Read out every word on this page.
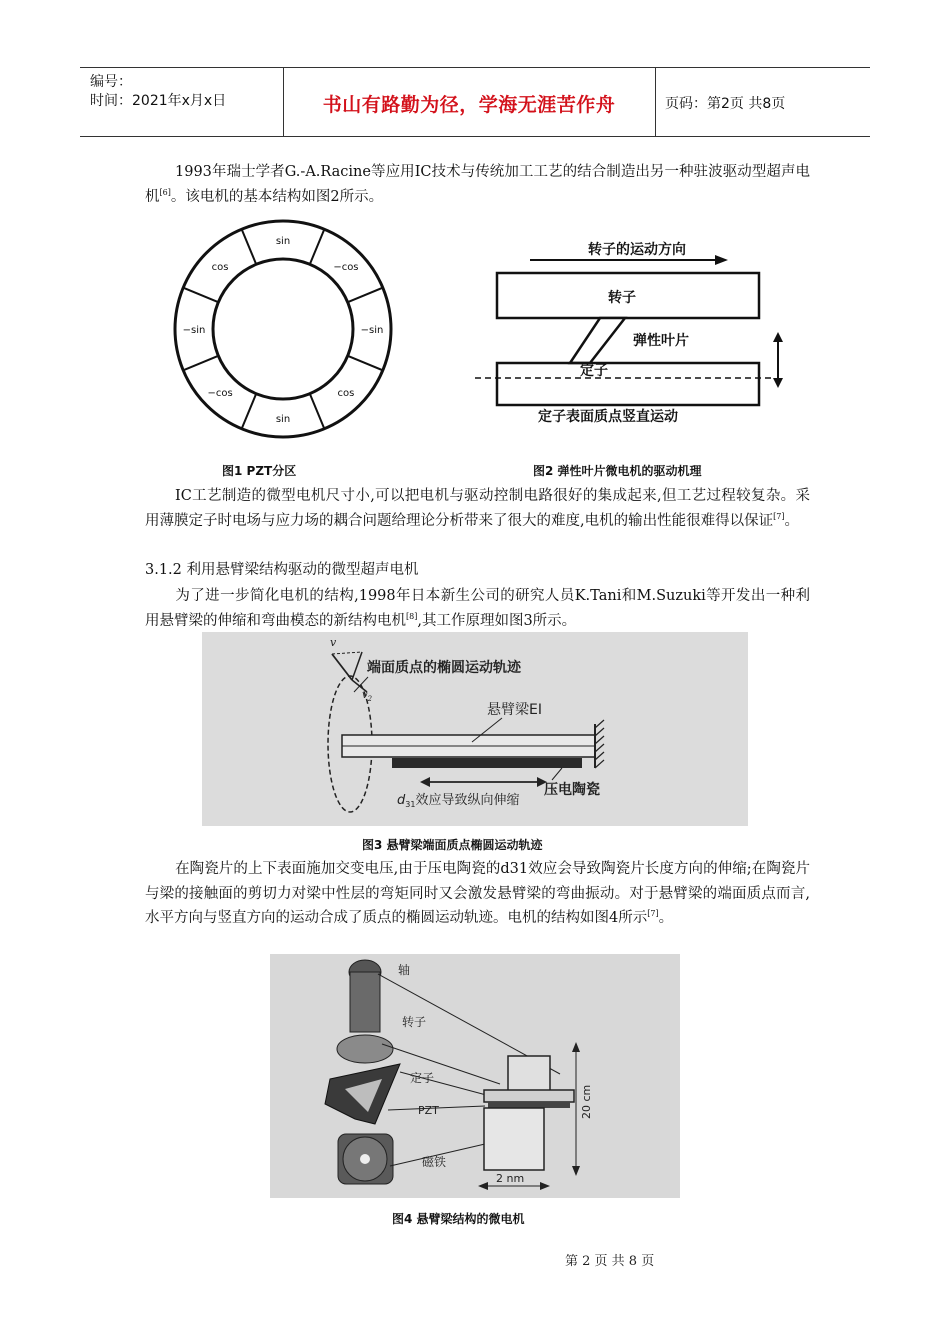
编号：
时间：2021年x月x日	书山有路勤为径，学海无涯苦作舟	页码：第2页 共8页
1993年瑞士学者G.-A.Racine等应用IC技术与传统加工工艺的结合制造出另一种驻波驱动型超声电机[6]。该电机的基本结构如图2所示。
sin
−cos
−sin
cos
sin
−cos
−sin
cos
转子的运动方向
转子
弹性叶片
定子
定子表面质点竖直运动
图1 PZT分区	图2 弹性叶片微电机的驱动机理
IC工艺制造的微型电机尺寸小,可以把电机与驱动控制电路很好的集成起来,但工艺过程较复杂。采用薄膜定子时电场与应力场的耦合问题给理论分析带来了很大的难度,电机的输出性能很难得以保证[7]。
3.1.2 利用悬臂梁结构驱动的微型超声电机
为了进一步简化电机的结构,1998年日本新生公司的研究人员K.Tani和M.Suzuki等开发出一种利用悬臂梁的伸缩和弯曲模态的新结构电机[8],其工作原理如图3所示。
v
$v_2$
端面质点的椭圆运动轨迹
悬臂梁EI
$d_{31}$效应导致纵向伸缩
压电陶瓷
图3 悬臂梁端面质点椭圆运动轨迹
在陶瓷片的上下表面施加交变电压,由于压电陶瓷的d31效应会导致陶瓷片长度方向的伸缩;在陶瓷片与梁的接触面的剪切力对梁中性层的弯矩同时又会激发悬臂梁的弯曲振动。对于悬臂梁的端面质点而言,水平方向与竖直方向的运动合成了质点的椭圆运动轨迹。电机的结构如图4所示[7]。
轴
转子
定子
PZT
磁铁
20 cm
2 nm
图4 悬臂梁结构的微电机
第 2 页 共 8 页
